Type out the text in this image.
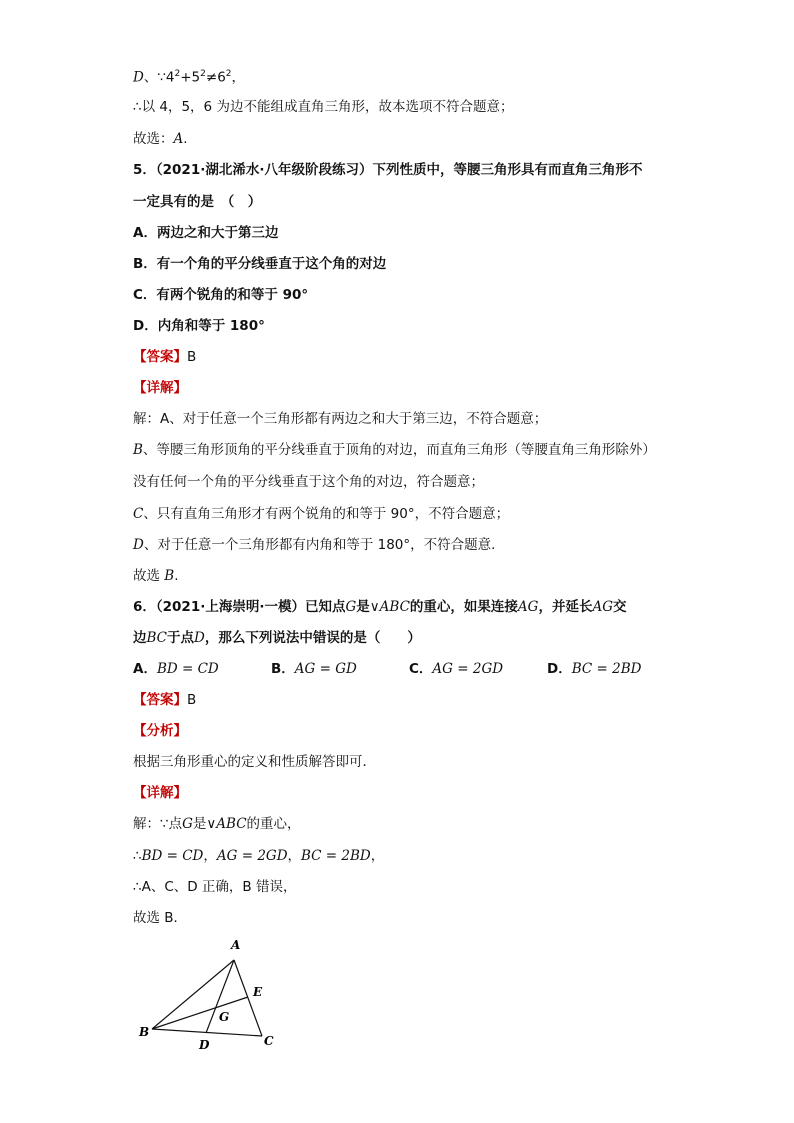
D、$\because 4^2+5^2\ne 6^2$，
∴以 4，5，6 为边不能组成直角三角形，故本选项不符合题意；
故选：A.
5．（2021·湖北浠水·八年级阶段练习）下列性质中，等腰三角形具有而直角三角形不
一定具有的是　（　）
A．两边之和大于第三边
B．有一个角的平分线垂直于这个角的对边
C．有两个锐角的和等于 90°
D．内角和等于 180°
【答案】B
【详解】
解：A、对于任意一个三角形都有两边之和大于第三边，不符合题意；
B、等腰三角形顶角的平分线垂直于顶角的对边，而直角三角形（等腰直角三角形除外）
没有任何一个角的平分线垂直于这个角的对边，符合题意；
C、只有直角三角形才有两个锐角的和等于 90°，不符合题意；
D、对于任意一个三角形都有内角和等于 180°，不符合题意.
故选 B.
6．（2021·上海崇明·一模）已知点G是∨ABC的重心，如果连接AG，并延长AG交
边BC于点D，那么下列说法中错误的是（　　）
A．BD = CD	B．AG = GD	C．AG = 2GD	D．BC = 2BD
【答案】B
【分析】
根据三角形重心的定义和性质解答即可．
【详解】
解：∵点G是∨ABC的重心，
∴BD = CD，AG = 2GD，BC = 2BD，
∴A、C、D 正确，B 错误，
故选 B．
A
B
C
D
E
G
